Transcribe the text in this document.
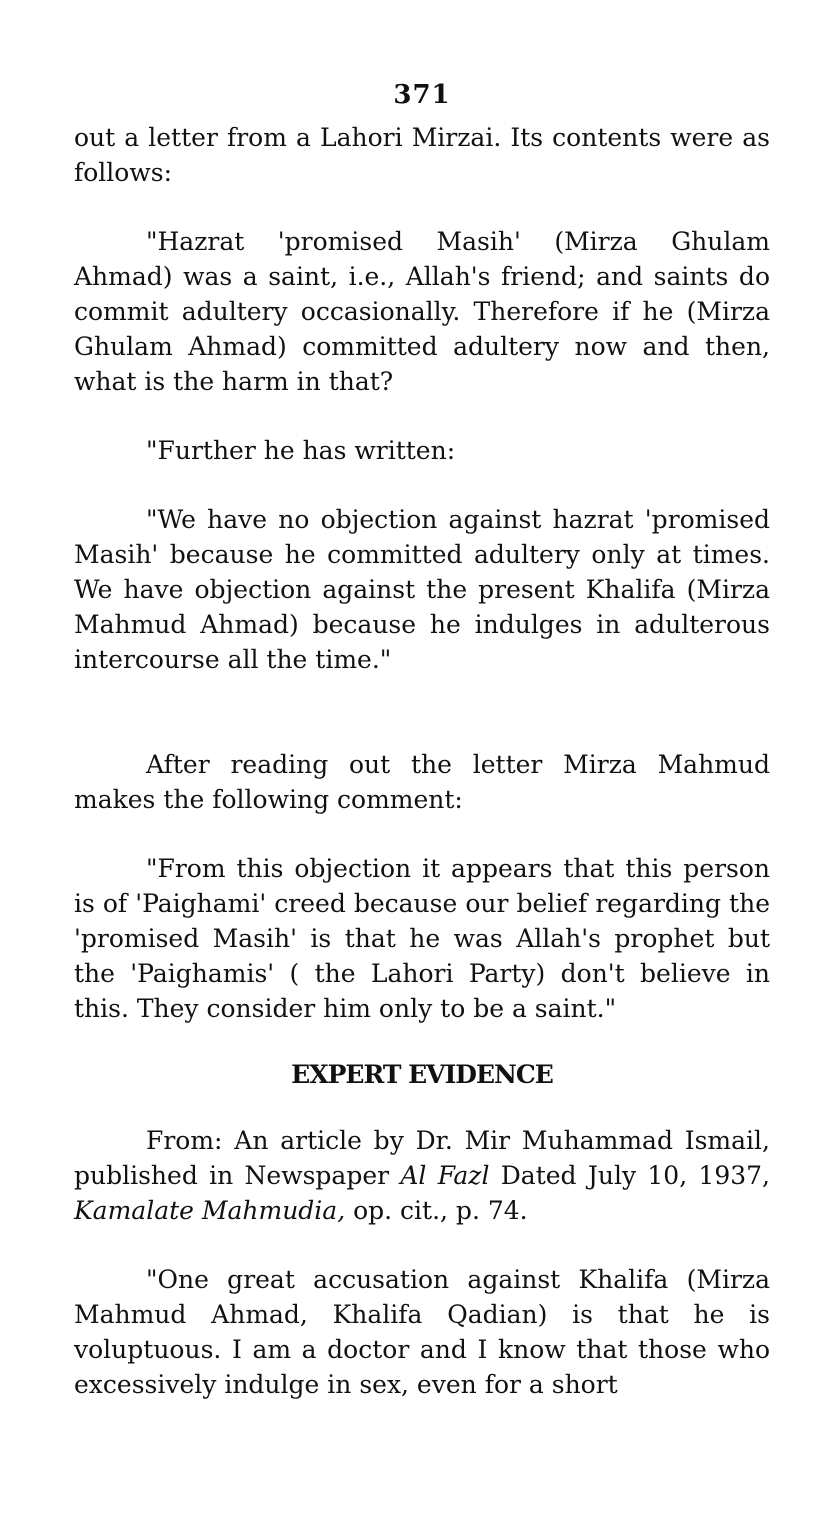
371

out a letter from a Lahori Mirzai. Its contents were as follows:

"Hazrat 'promised Masih' (Mirza Ghulam Ahmad) was a saint, i.e., Allah's friend; and saints do commit adultery occasionally. Therefore if he (Mirza Ghulam Ahmad) committed adultery now and then, what is the harm in that?

"Further he has written:

"We have no objection against hazrat 'promised Masih' because he committed adultery only at times. We have objection against the present Khalifa (Mirza Mahmud Ahmad) because he indulges in adulterous intercourse all the time."

After reading out the letter Mirza Mahmud makes the following comment:

"From this objection it appears that this person is of 'Paighami' creed because our belief regarding the 'promised Masih' is that he was Allah's prophet but the 'Paighamis' ( the Lahori Party) don't believe in this. They consider him only to be a saint."

EXPERT EVIDENCE

From: An article by Dr. Mir Muhammad Ismail, published in Newspaper Al Fazl Dated July 10, 1937, Kamalate Mahmudia, op. cit., p. 74.

"One great accusation against Khalifa (Mirza Mahmud Ahmad, Khalifa Qadian) is that he is voluptuous. I am a doctor and I know that those who excessively indulge in sex, even for a short
